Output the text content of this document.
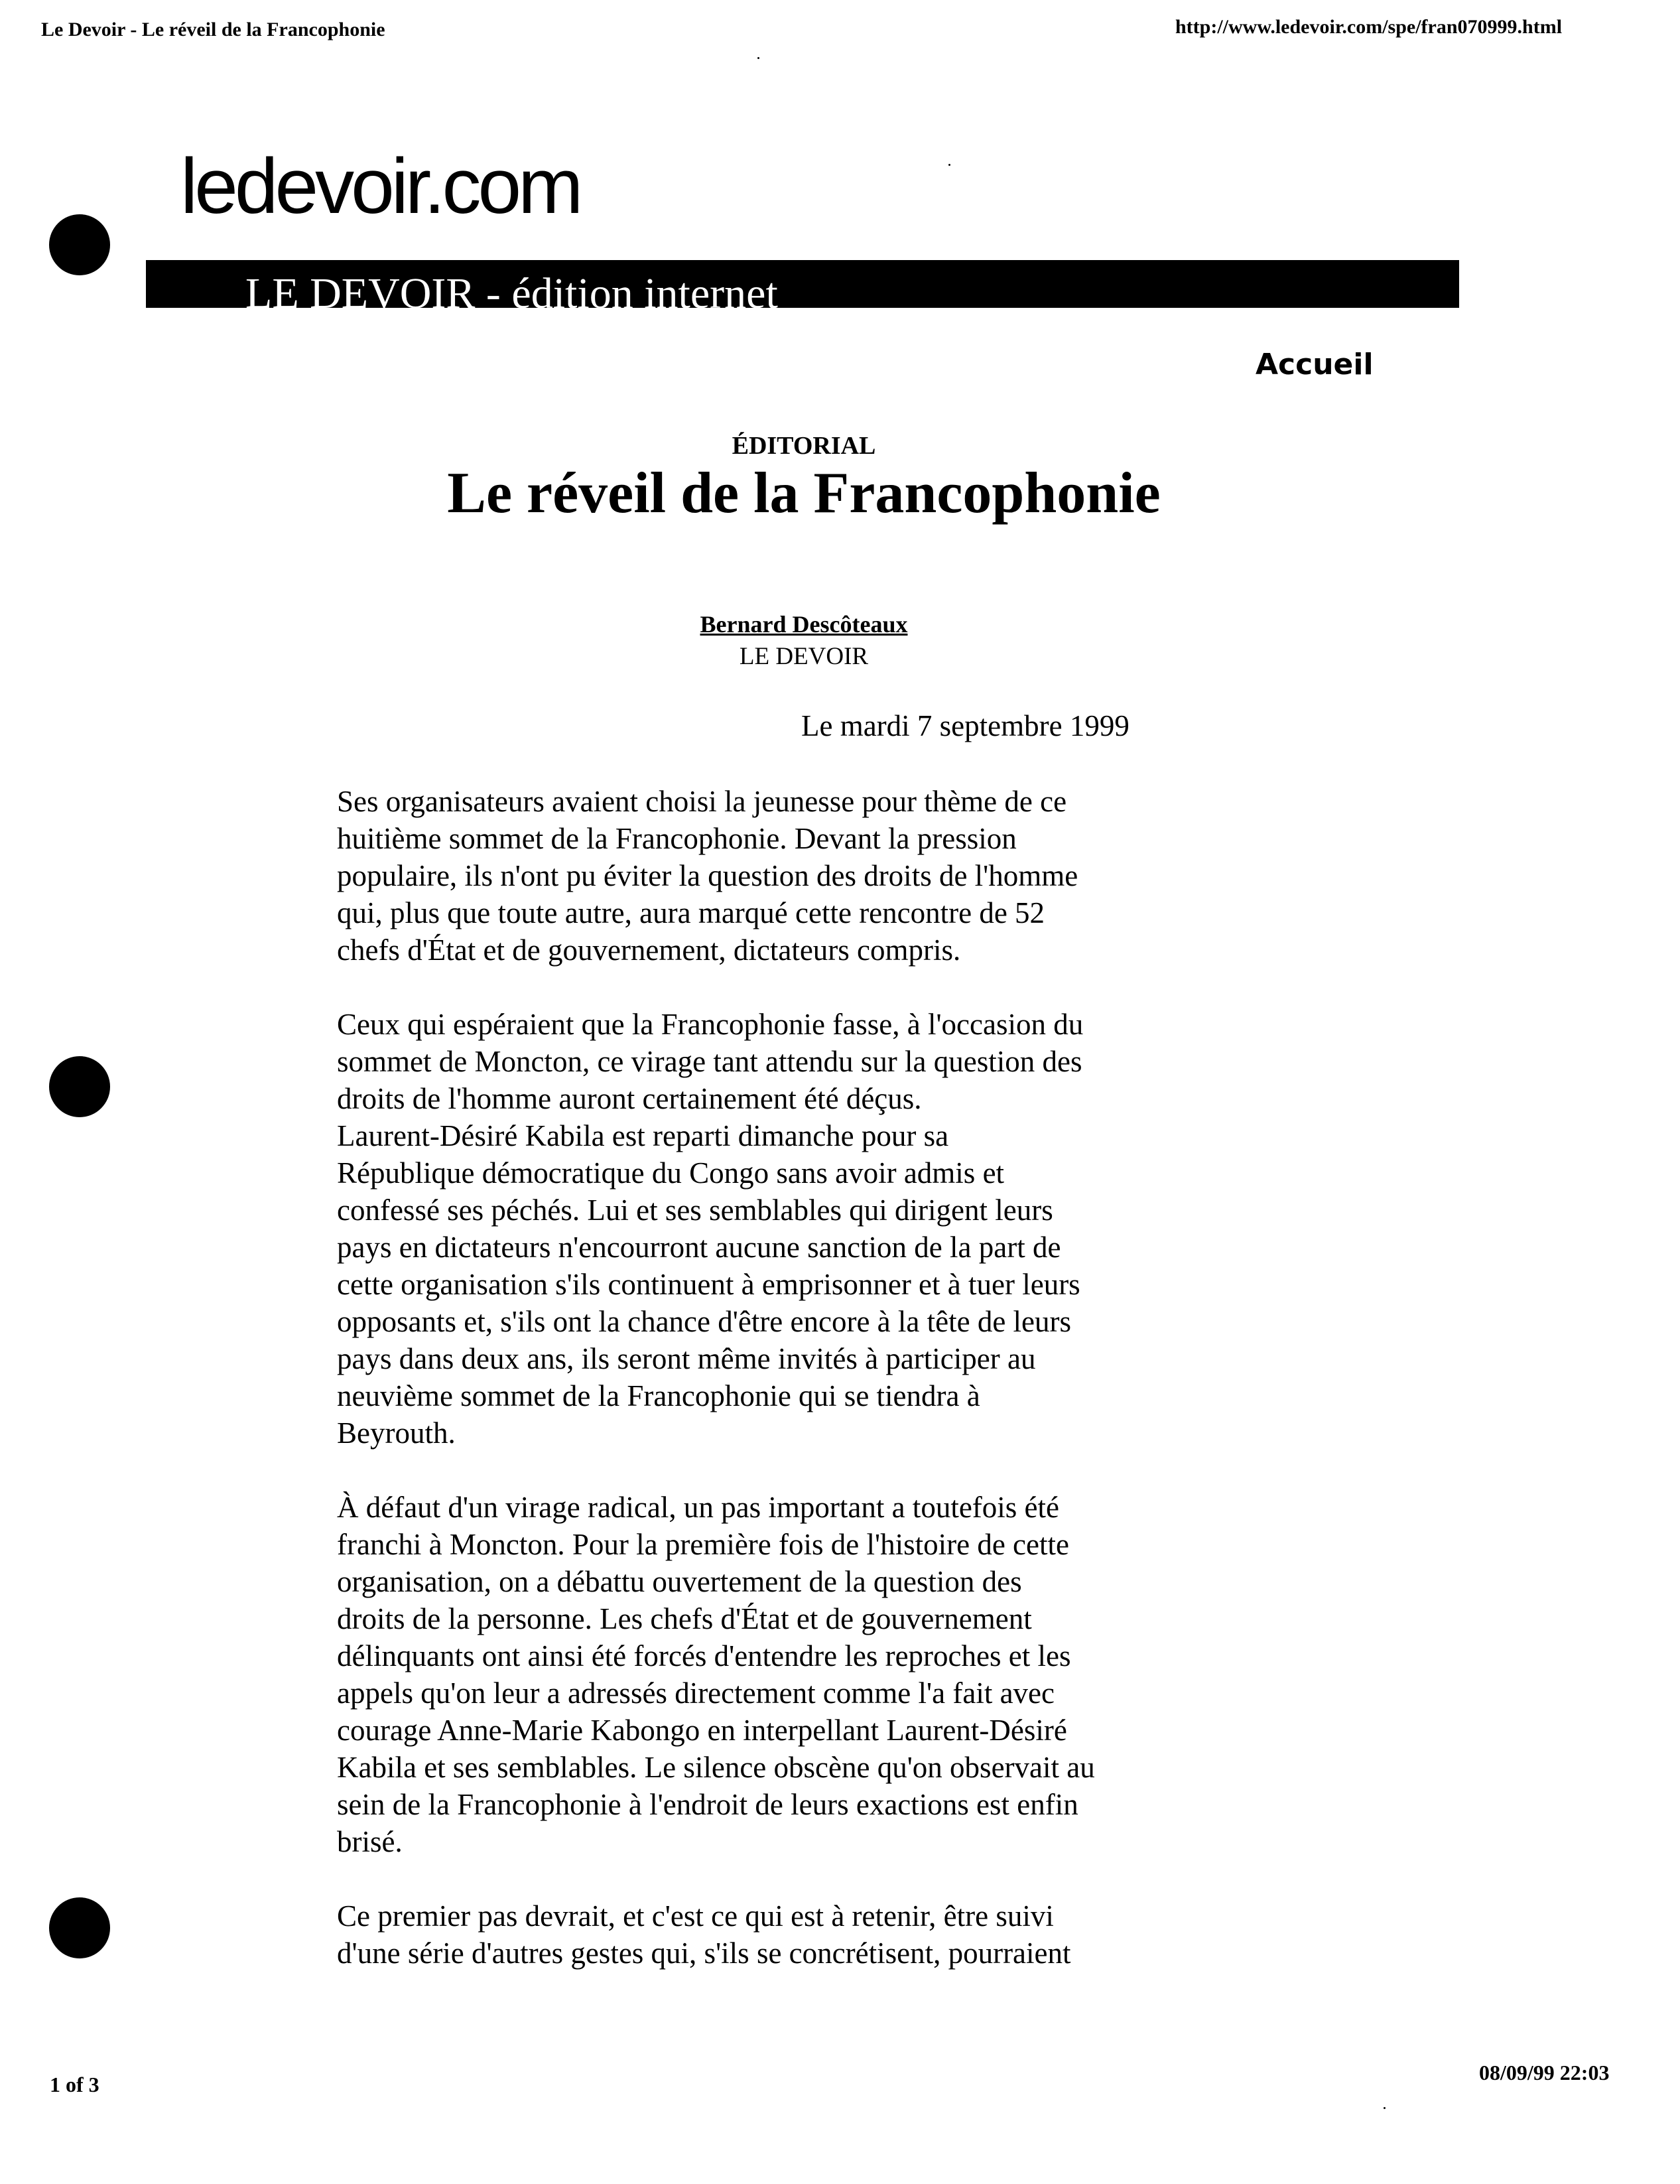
Le Devoir - Le réveil de la Francophonie	http://www.ledevoir.com/spe/fran070999.html
ledevoir.com
LE DEVOIR - édition internet
Accueil
ÉDITORIAL
Le réveil de la Francophonie
Bernard Descôteaux
LE DEVOIR
Le mardi 7 septembre 1999

Ses organisateurs avaient choisi la jeunesse pour thème de ce
huitième sommet de la Francophonie. Devant la pression
populaire, ils n'ont pu éviter la question des droits de l'homme
qui, plus que toute autre, aura marqué cette rencontre de 52
chefs d'État et de gouvernement, dictateurs compris.

Ceux qui espéraient que la Francophonie fasse, à l'occasion du
sommet de Moncton, ce virage tant attendu sur la question des
droits de l'homme auront certainement été déçus.
Laurent-Désiré Kabila est reparti dimanche pour sa
République démocratique du Congo sans avoir admis et
confessé ses péchés. Lui et ses semblables qui dirigent leurs
pays en dictateurs n'encourront aucune sanction de la part de
cette organisation s'ils continuent à emprisonner et à tuer leurs
opposants et, s'ils ont la chance d'être encore à la tête de leurs
pays dans deux ans, ils seront même invités à participer au
neuvième sommet de la Francophonie qui se tiendra à
Beyrouth.

À défaut d'un virage radical, un pas important a toutefois été
franchi à Moncton. Pour la première fois de l'histoire de cette
organisation, on a débattu ouvertement de la question des
droits de la personne. Les chefs d'État et de gouvernement
délinquants ont ainsi été forcés d'entendre les reproches et les
appels qu'on leur a adressés directement comme l'a fait avec
courage Anne-Marie Kabongo en interpellant Laurent-Désiré
Kabila et ses semblables. Le silence obscène qu'on observait au
sein de la Francophonie à l'endroit de leurs exactions est enfin
brisé.

Ce premier pas devrait, et c'est ce qui est à retenir, être suivi
d'une série d'autres gestes qui, s'ils se concrétisent, pourraient

1 of 3	08/09/99 22:03
